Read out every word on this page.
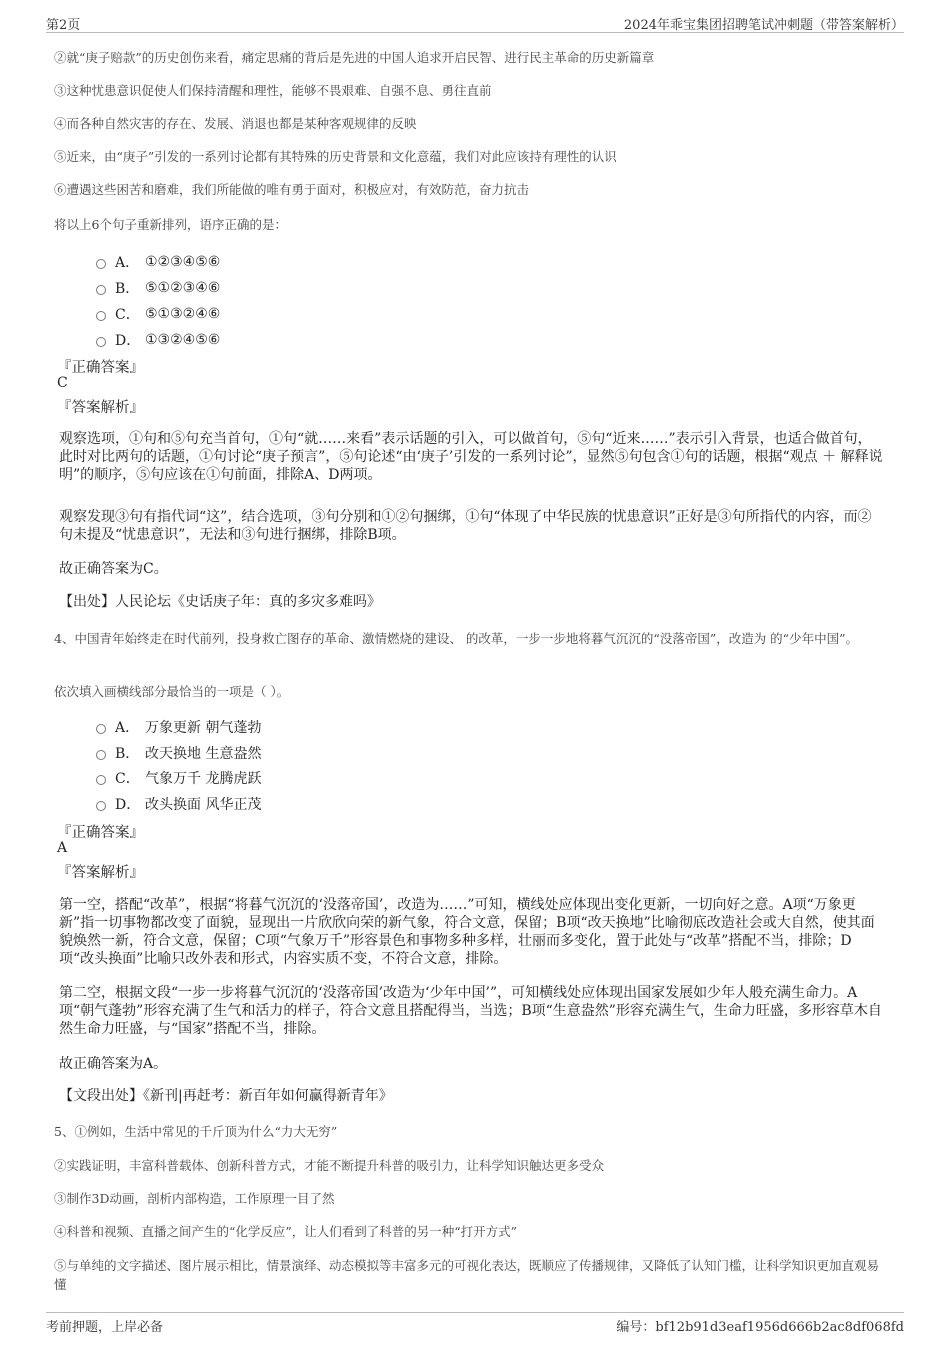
第2页	2024年乖宝集团招聘笔试冲刺题（带答案解析）
②就“庚子赔款”的历史创伤来看，痛定思痛的背后是先进的中国人追求开启民智、进行民主革命的历史新篇章
③这种忧患意识促使人们保持清醒和理性，能够不畏艰难、自强不息、勇往直前
④而各种自然灾害的存在、发展、消退也都是某种客观规律的反映
⑤近来，由“庚子”引发的一系列讨论都有其特殊的历史背景和文化意蕴，我们对此应该持有理性的认识
⑥遭遇这些困苦和磨难，我们所能做的唯有勇于面对，积极应对，有效防范，奋力抗击
将以上6个句子重新排列，语序正确的是：
A． ①②③④⑤⑥
B． ⑤①②③④⑥
C． ⑤①③②④⑥
D． ①③②④⑤⑥
『正确答案』
C
『答案解析』
观察选项，①句和⑤句充当首句，①句“就……来看”表示话题的引入，可以做首句，⑤句“近来……”表示引入背景，也适合做首句，此时对比两句的话题，①句讨论“庚子预言”，⑤句论述“由‘庚子’引发的一系列讨论”，显然⑤句包含①句的话题，根据“观点 ＋ 解释说明”的顺序，⑤句应该在①句前面，排除A、D两项。
观察发现③句有指代词“这”，结合选项，③句分别和①②句捆绑，①句“体现了中华民族的忧患意识”正好是③句所指代的内容，而②句未提及“忧患意识”，无法和③句进行捆绑，排除B项。
故正确答案为C。
【出处】人民论坛《史话庚子年：真的多灾多难吗》
4、中国青年始终走在时代前列，投身救亡图存的革命、激情燃烧的建设、 的改革，一步一步地将暮气沉沉的“没落帝国”，改造为 的“少年中国”。
依次填入画横线部分最恰当的一项是（ ）。
A． 万象更新 朝气蓬勃
B． 改天换地 生意盎然
C． 气象万千 龙腾虎跃
D． 改头换面 风华正茂
『正确答案』
A
『答案解析』
第一空，搭配“改革”，根据“将暮气沉沉的‘没落帝国’，改造为……”可知，横线处应体现出变化更新，一切向好之意。A项“万象更新”指一切事物都改变了面貌，显现出一片欣欣向荣的新气象，符合文意，保留；B项“改天换地”比喻彻底改造社会或大自然，使其面貌焕然一新，符合文意，保留；C项“气象万千”形容景色和事物多种多样，壮丽而多变化，置于此处与“改革”搭配不当，排除；D项“改头换面”比喻只改外表和形式，内容实质不变，不符合文意，排除。
第二空，根据文段“一步一步将暮气沉沉的‘没落帝国’改造为‘少年中国’”，可知横线处应体现出国家发展如少年人般充满生命力。A项“朝气蓬勃”形容充满了生气和活力的样子，符合文意且搭配得当，当选；B项“生意盎然”形容充满生气，生命力旺盛，多形容草木自然生命力旺盛，与“国家”搭配不当，排除。
故正确答案为A。
【文段出处】《新刊|再赶考：新百年如何赢得新青年》
5、①例如，生活中常见的千斤顶为什么“力大无穷”
②实践证明，丰富科普载体、创新科普方式，才能不断提升科普的吸引力，让科学知识触达更多受众
③制作3D动画，剖析内部构造，工作原理一目了然
④科普和视频、直播之间产生的“化学反应”，让人们看到了科普的另一种“打开方式”
⑤与单纯的文字描述、图片展示相比，情景演绎、动态模拟等丰富多元的可视化表达，既顺应了传播规律，又降低了认知门槛，让科学知识更加直观易懂
考前押题，上岸必备	编号：bf12b91d3eaf1956d666b2ac8df068fd
